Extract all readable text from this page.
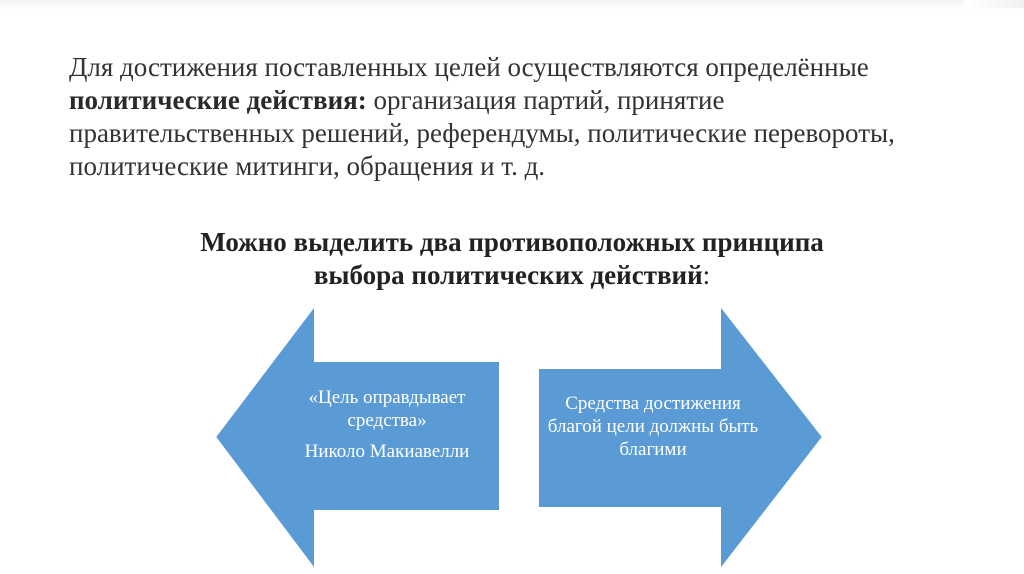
Для достижения поставленных целей осуществляются определённые политические действия: организация партий, принятие правительственных решений, референдумы, политические перевороты, политические митинги, обращения и т. д.

Можно выделить два противоположных принципа
выбора политических действий:

«Цель оправдывает средства»
Николо Макиавелли
Средства достижения благой цели должны быть благими
